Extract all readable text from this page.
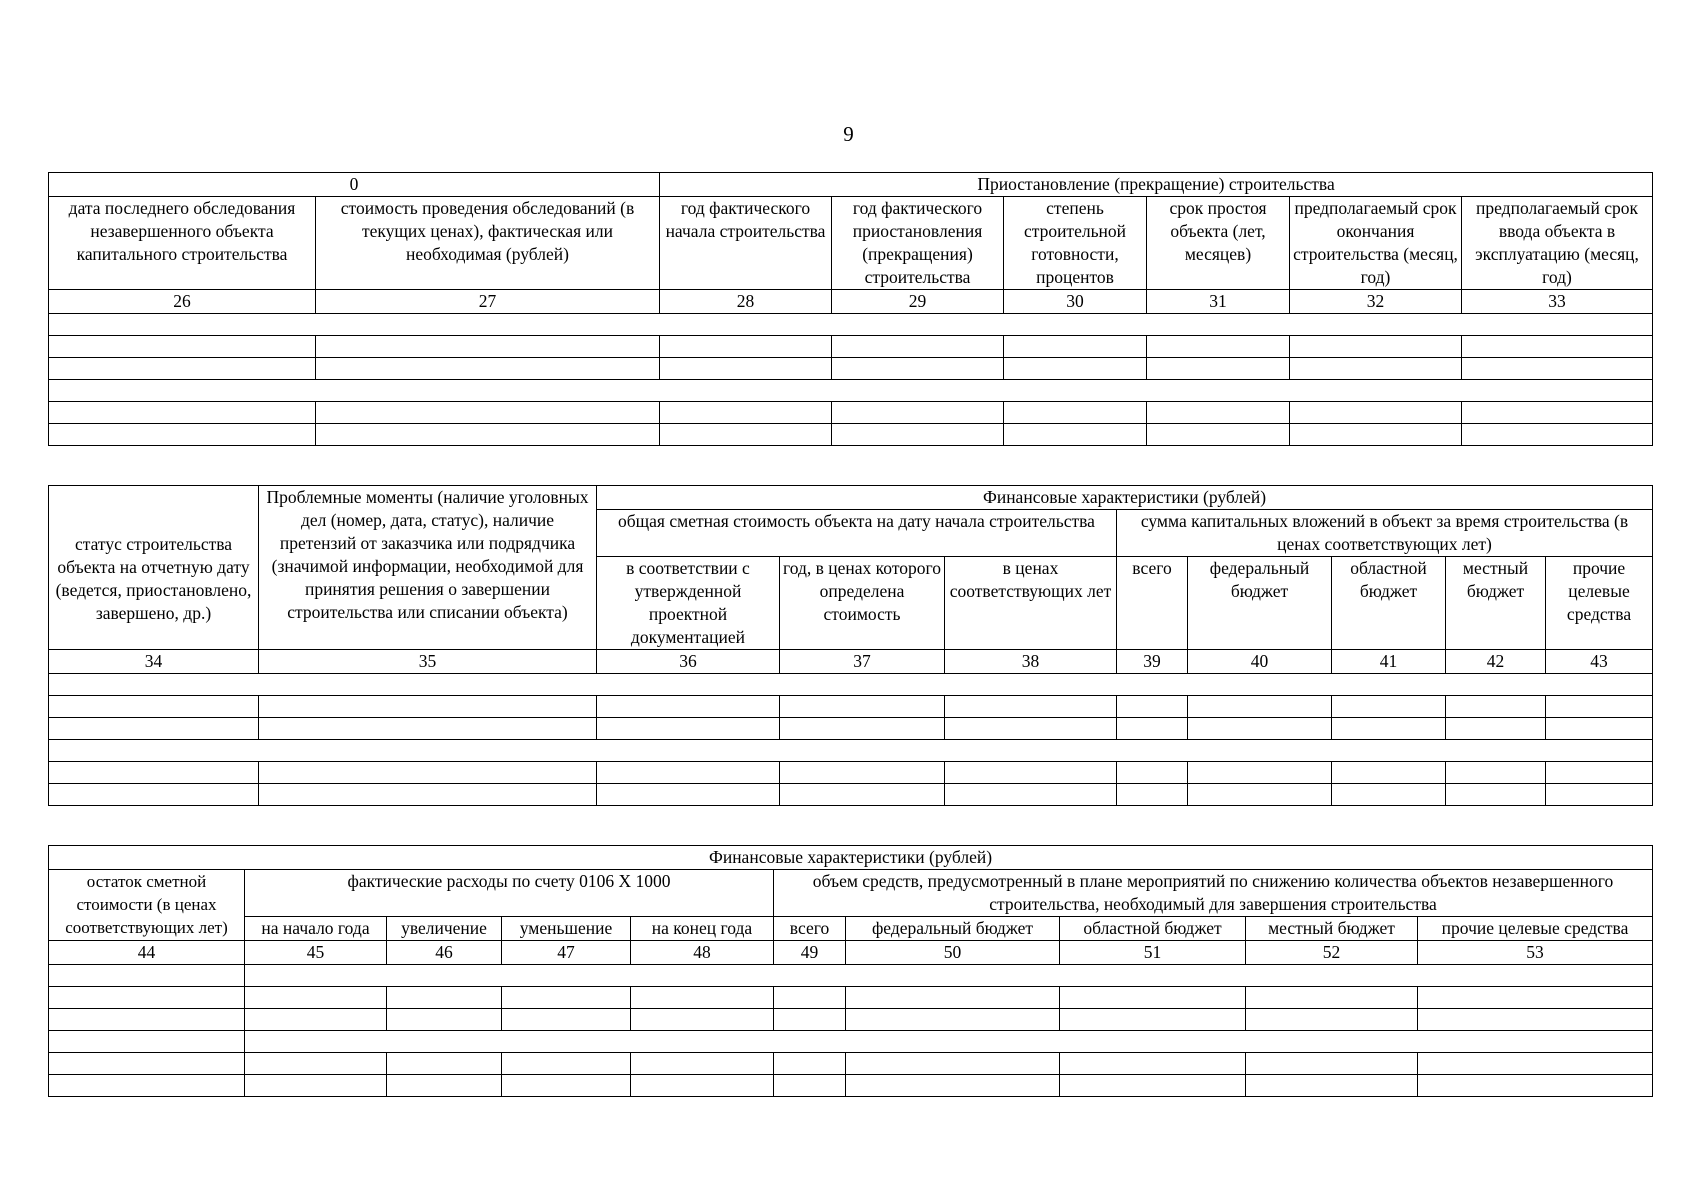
9
0		Приостановление (прекращение) строительства					
дата последнего обследования незавершенного объекта капитального строительства	стоимость проведения обследований (в текущих ценах), фактическая или необходимая (рублей)	год фактического начала строительства	год фактического приостановления (прекращения) строительства	степень строительной готовности, процентов	срок простоя объекта (лет, месяцев)	предполагаемый срок окончания строительства (месяц, год)	предполагаемый срок ввода объекта в эксплуатацию (месяц, год)
26	27	28	29	30	31	32	33

статус строительства объекта на отчетную дату (ведется, приостановлено, завершено, др.)	Проблемные моменты (наличие уголовных дел (номер, дата, статус), наличие претензий от заказчика или подрядчика (значимой информации, необходимой для принятия решения о завершении строительства или списании объекта)	Финансовые характеристики (рублей)							
		общая сметная стоимость объекта на дату начала строительства			сумма капитальных вложений в объект за время строительства (в ценах соответствующих лет)				
		в соответствии с утвержденной проектной документацией	год, в ценах которого определена стоимость	в ценах соответствующих лет	всего	федеральный бюджет	областной бюджет	местный бюджет	прочие целевые средства
34	35	36	37	38	39	40	41	42	43

Финансовые характеристики (рублей)									
остаток сметной стоимости (в ценах соответствующих лет)	фактические расходы по счету 0106 Х 1000				объем средств, предусмотренный в плане мероприятий по снижению количества объектов незавершенного строительства, необходимый для завершения строительства				
	на начало года	увеличение	уменьшение	на конец года	всего	федеральный бюджет	областной бюджет	местный бюджет	прочие целевые средства
44	45	46	47	48	49	50	51	52	53
